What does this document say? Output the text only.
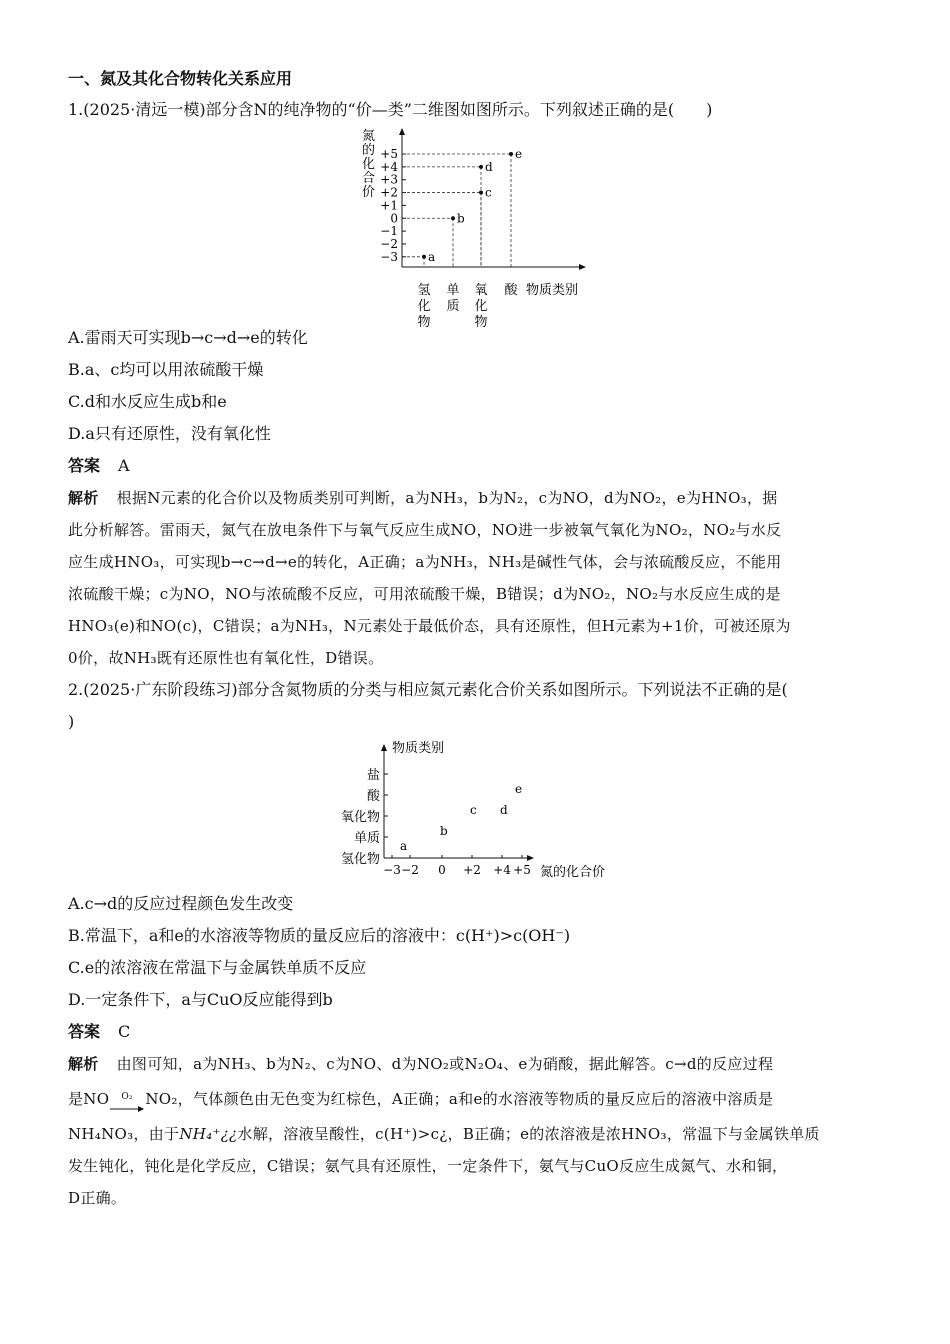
一、氮及其化合物转化关系应用
1.(2025·清远一模)部分含N的纯净物的“价—类”二维图如图所示。下列叙述正确的是(　　)
氮
的
化
合
价
+5
+4
+3
+2
+1
0
−1
−2
−3	a
b
c
d
e
氢
化
物
单
质
氧
化
物
酸 物质类别
A.雷雨天可实现b→c→d→e的转化
B.a、c均可以用浓硫酸干燥
C.d和水反应生成b和e
D.a只有还原性，没有氧化性
答案 A
解析 根据N元素的化合价以及物质类别可判断，a为NH₃，b为N₂，c为NO，d为NO₂，e为HNO₃，据
此分析解答。雷雨天，氮气在放电条件下与氧气反应生成NO，NO进一步被氧气氧化为NO₂，NO₂与水反
应生成HNO₃，可实现b→c→d→e的转化，A正确；a为NH₃，NH₃是碱性气体，会与浓硫酸反应，不能用
浓硫酸干燥；c为NO，NO与浓硫酸不反应，可用浓硫酸干燥，B错误；d为NO₂，NO₂与水反应生成的是
HNO₃(e)和NO(c)，C错误；a为NH₃，N元素处于最低价态，具有还原性，但H元素为+1价，可被还原为
0价，故NH₃既有还原性也有氧化性，D错误。
2.(2025·广东阶段练习)部分含氮物质的分类与相应氮元素化合价关系如图所示。下列说法不正确的是(
)
物质类别
盐
酸
氧化物
单质
氢化物
−3 −2 0 +2 +4 +5
a
b
c d
e
氮的化合价
A.c→d的反应过程颜色发生改变
B.常温下，a和e的水溶液等物质的量反应后的溶液中：c(H⁺)>c(OH⁻)
C.e的浓溶液在常温下与金属铁单质不反应
D.一定条件下，a与CuO反应能得到b
答案 C
解析 由图可知，a为NH₃、b为N₂、c为NO、d为NO₂或N₂O₄、e为硝酸，据此解答。c→d的反应过程
是NO O₂ NO₂，气体颜色由无色变为红棕色，A正确；a和e的水溶液等物质的量反应后的溶液中溶质是
NH₄NO₃，由于NH₄⁺¿¿水解，溶液呈酸性，c(H⁺)>c¿，B正确；e的浓溶液是浓HNO₃，常温下与金属铁单质
发生钝化，钝化是化学反应，C错误；氨气具有还原性，一定条件下，氨气与CuO反应生成氮气、水和铜，
D正确。
